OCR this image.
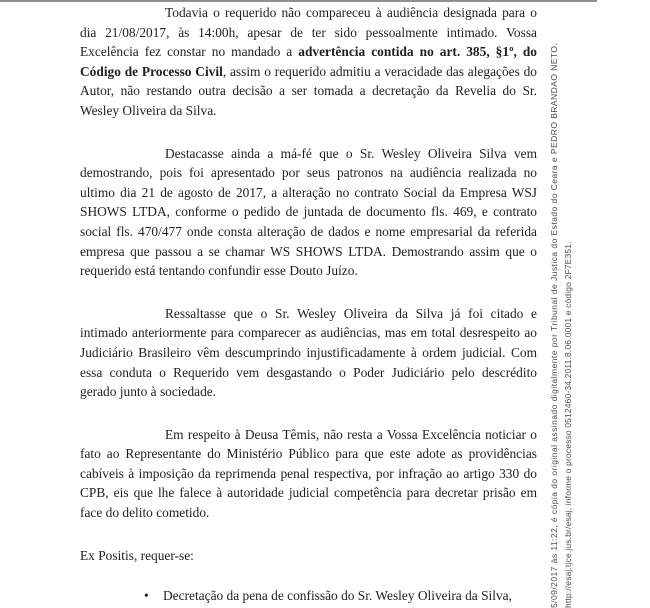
Todavia o requerido não compareceu à audiência designada para o dia 21/08/2017, às 14:00h, apesar de ter sido pessoalmente intimado. Vossa Excelência fez constar no mandado a advertência contida no art. 385, §1º, do Código de Processo Civil, assim o requerido admitiu a veracidade das alegações do Autor, não restando outra decisão a ser tomada a decretação da Revelia do Sr. Wesley Oliveira da Silva.

Destacasse ainda a má-fé que o Sr. Wesley Oliveira Silva vem demostrando, pois foi apresentado por seus patronos na audiência realizada no ultimo dia 21 de agosto de 2017, a alteração no contrato Social da Empresa WSJ SHOWS LTDA, conforme o pedido de juntada de documento fls. 469, e contrato social fls. 470/477 onde consta alteração de dados e nome empresarial da referida empresa que passou a se chamar WS SHOWS LTDA. Demostrando assim que o requerido está tentando confundir esse Douto Juízo.

Ressaltasse que o Sr. Wesley Oliveira da Silva já foi citado e intimado anteriormente para comparecer as audiências, mas em total desrespeito ao Judiciário Brasileiro vêm descumprindo injustificadamente à ordem judicial. Com essa conduta o Requerido vem desgastando o Poder Judiciário pelo descrédito gerado junto à sociedade.

Em respeito à Deusa Têmis, não resta a Vossa Excelência noticiar o fato ao Representante do Ministério Público para que este adote as providências cabíveis à imposição da reprimenda penal respectiva, por infração ao artigo 330 do CPB, eis que lhe falece à autoridade judicial competência para decretar prisão em face do delito cometido.

Ex Positis, requer-se:

• Decretação da pena de confissão do Sr. Wesley Oliveira da Silva,	5/09/2017 às 11:22, é cópia do original assinado digitalmente por Tribunal de Justica do Estado do Ceara e PEDRO BRANDAO NETO. http://esaj.tjce.jus.br/esaj, informe o processo 0512460-34.2011.8.06.0001 e código 2F7E351.
